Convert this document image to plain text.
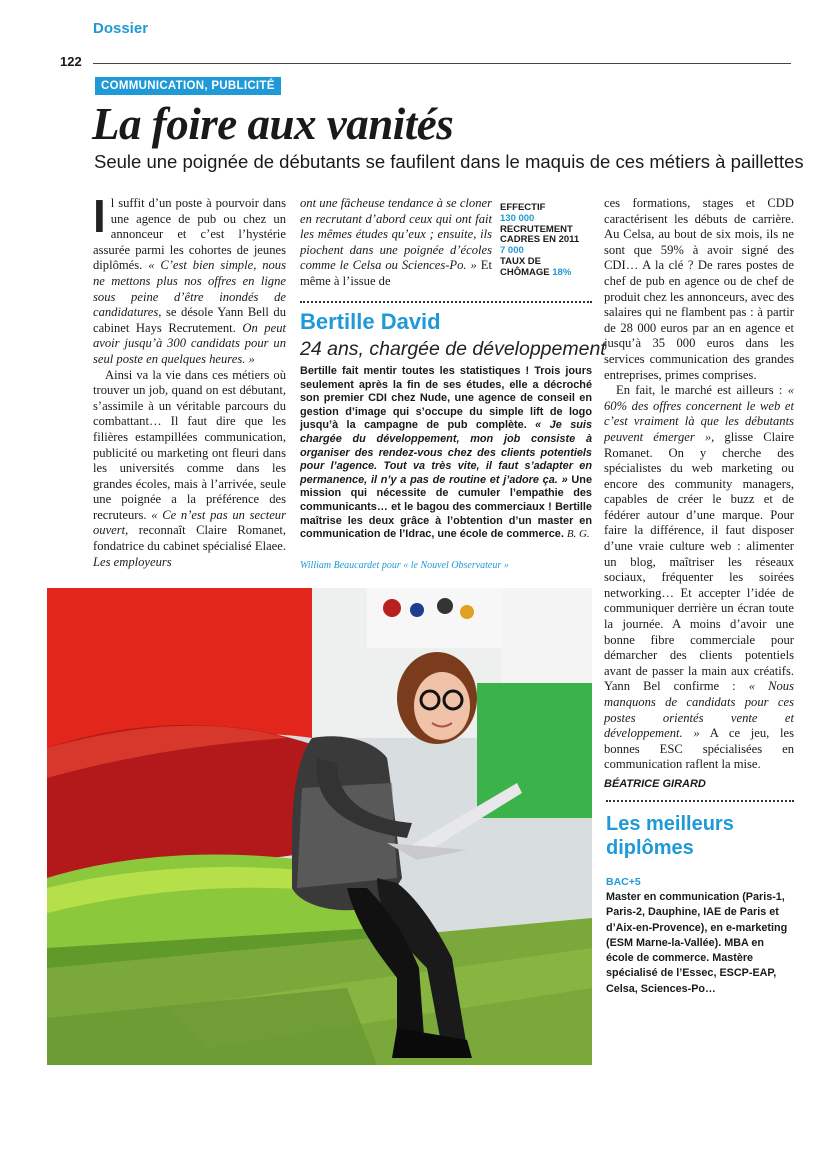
Dossier
122
COMMUNICATION, PUBLICITÉ
La foire aux vanités
Seule une poignée de débutants se faufilent dans le maquis de ces métiers à paillettes

Il suffit d’un poste à pourvoir dans une agence de pub ou chez un annonceur et c’est l’hystérie assurée parmi les cohortes de jeunes diplômés. « C’est bien simple, nous ne mettons plus nos offres en ligne sous peine d’être inondés de candidatures, se désole Yann Bell du cabinet Hays Recrutement. On peut avoir jusqu’à 300 candidats pour un seul poste en quelques heures. »

Ainsi va la vie dans ces métiers où trouver un job, quand on est débutant, s’assimile à un véritable parcours du combattant… Il faut dire que les filières estampillées communication, publicité ou marketing ont fleuri dans les universités comme dans les grandes écoles, mais à l’arrivée, seule une poignée a la préférence des recruteurs. « Ce n’est pas un secteur ouvert, reconnaît Claire Romanet, fondatrice du cabinet spécialisé Elaee. Les employeurs

ont une fâcheuse tendance à se cloner en recrutant d’abord ceux qui ont fait les mêmes études qu’eux ; ensuite, ils piochent dans une poignée d’écoles comme le Celsa ou Sciences-Po. » Et même à l’issue de

EFFECTIF
130 000
RECRUTEMENT
CADRES EN 2011
7 000
TAUX DE
CHÔMAGE 18%
Bertille David
24 ans, chargée de développement
Bertille fait mentir toutes les statistiques ! Trois jours seulement après la fin de ses études, elle a décroché son premier CDI chez Nude, une agence de conseil en gestion d’image qui s’occupe du simple lift de logo jusqu’à la campagne de pub complète. « Je suis chargée du développement, mon job consiste à organiser des rendez-vous chez des clients potentiels pour l’agence. Tout va très vite, il faut s’adapter en permanence, il n’y a pas de routine et j’adore ça. » Une mission qui nécessite de cumuler l’empathie des communicants… et le bagou des commerciaux ! Bertille maîtrise les deux grâce à l’obtention d’un master en communication de l’Idrac, une école de commerce. B. G.
William Beaucardet pour « le Nouvel Observateur »

ces formations, stages et CDD caractérisent les débuts de carrière. Au Celsa, au bout de six mois, ils ne sont que 59% à avoir signé des CDI… A la clé ? De rares postes de chef de pub en agence ou de chef de produit chez les annonceurs, avec des salaires qui ne flambent pas : à partir de 28 000 euros par an en agence et jusqu’à 35 000 euros dans les services communication des grandes entreprises, primes comprises.

En fait, le marché est ailleurs : « 60% des offres concernent le web et c’est vraiment là que les débutants peuvent émerger », glisse Claire Romanet. On y cherche des spécialistes du web marketing ou encore des community managers, capables de créer le buzz et de fédérer autour d’une marque. Pour faire la différence, il faut disposer d’une vraie culture web : alimenter un blog, maîtriser les réseaux sociaux, fréquenter les soirées networking… Et accepter l’idée de communiquer derrière un écran toute la journée. A moins d’avoir une bonne fibre commerciale pour démarcher des clients potentiels avant de passer la main aux créatifs. Yann Bel confirme : « Nous manquons de candidats pour ces postes orientés vente et développement. » A ce jeu, les bonnes ESC spécialisées en communication raflent la mise.

BÉATRICE GIRARD

Les meilleurs
diplômes
BAC+5
Master en communication (Paris-1, Paris-2, Dauphine, IAE de Paris et d’Aix-en-Provence), en e-marketing (ESM Marne-la-Vallée). MBA en école de commerce. Mastère spécialisé de l’Essec, ESCP-EAP, Celsa, Sciences-Po…
